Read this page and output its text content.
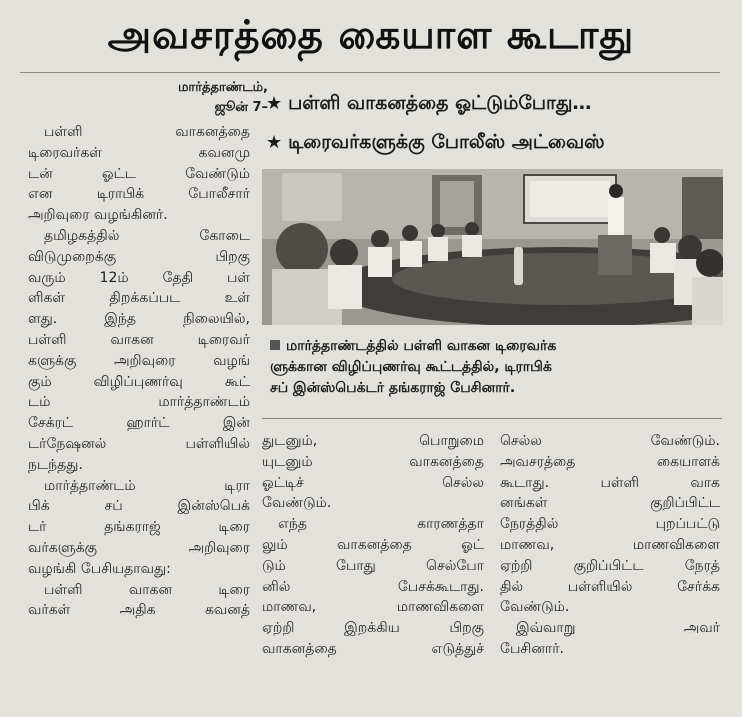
அவசரத்தை கையாள கூடாது
மார்த்தாண்டம்,
ஜூன் 7–
★ பள்ளி வாகனத்தை ஓட்டும்போது…
★ டிரைவர்களுக்கு போலீஸ் அட்வைஸ்

பள்ளி வாகனத்தை

டிரைவர்கள் கவனமு

டன் ஓட்ட வேண்டும்

என டிராபிக் போலீசார்

அறிவுரை வழங்கினர்.

தமிழகத்தில் கோடை

விடுமுறைக்கு பிறகு

வரும் 12ம் தேதி பள்

ளிகள் திறக்கப்பட உள்

ளது. இந்த நிலையில்,

பள்ளி வாகன டிரைவர்

களுக்கு அறிவுரை வழங்

கும் விழிப்புணர்வு கூட்

டம் மார்த்தாண்டம்

சேக்ரட் ஹார்ட் இன்

டர்நேஷனல் பள்ளியில்

நடந்தது.

மார்த்தாண்டம் டிரா

பிக் சப் இன்ஸ்பெக்

டர் தங்கராஜ் டிரை

வர்களுக்கு அறிவுரை

வழங்கி பேசியதாவது:

பள்ளி வாகன டிரை

வர்கள் அதிக கவனத்

மார்த்தாண்டத்தில் பள்ளி வாகன டிரைவர்க

ளுக்கான விழிப்புணர்வு கூட்டத்தில், டிராபிக்

சப் இன்ஸ்பெக்டர் தங்கராஜ் பேசினார்.

துடனும், பொறுமை

யுடனும் வாகனத்தை

ஓட்டிச் செல்ல

வேண்டும்.

எந்த காரணத்தா

லும் வாகனத்தை ஓட்

டும் போது செல்போ

னில் பேசக்கூடாது.

மாணவ, மாணவிகளை

ஏற்றி இறக்கிய பிறகு

வாகனத்தை எடுத்துச்

செல்ல வேண்டும்.

அவசரத்தை கையாளக்

கூடாது. பள்ளி வாக

னங்கள் குறிப்பிட்ட

நேரத்தில் புறப்பட்டு

மாணவ, மாணவிகளை

ஏற்றி குறிப்பிட்ட நேரத்

தில் பள்ளியில் சேர்க்க

வேண்டும்.

இவ்வாறு அவர்

பேசினார்.
